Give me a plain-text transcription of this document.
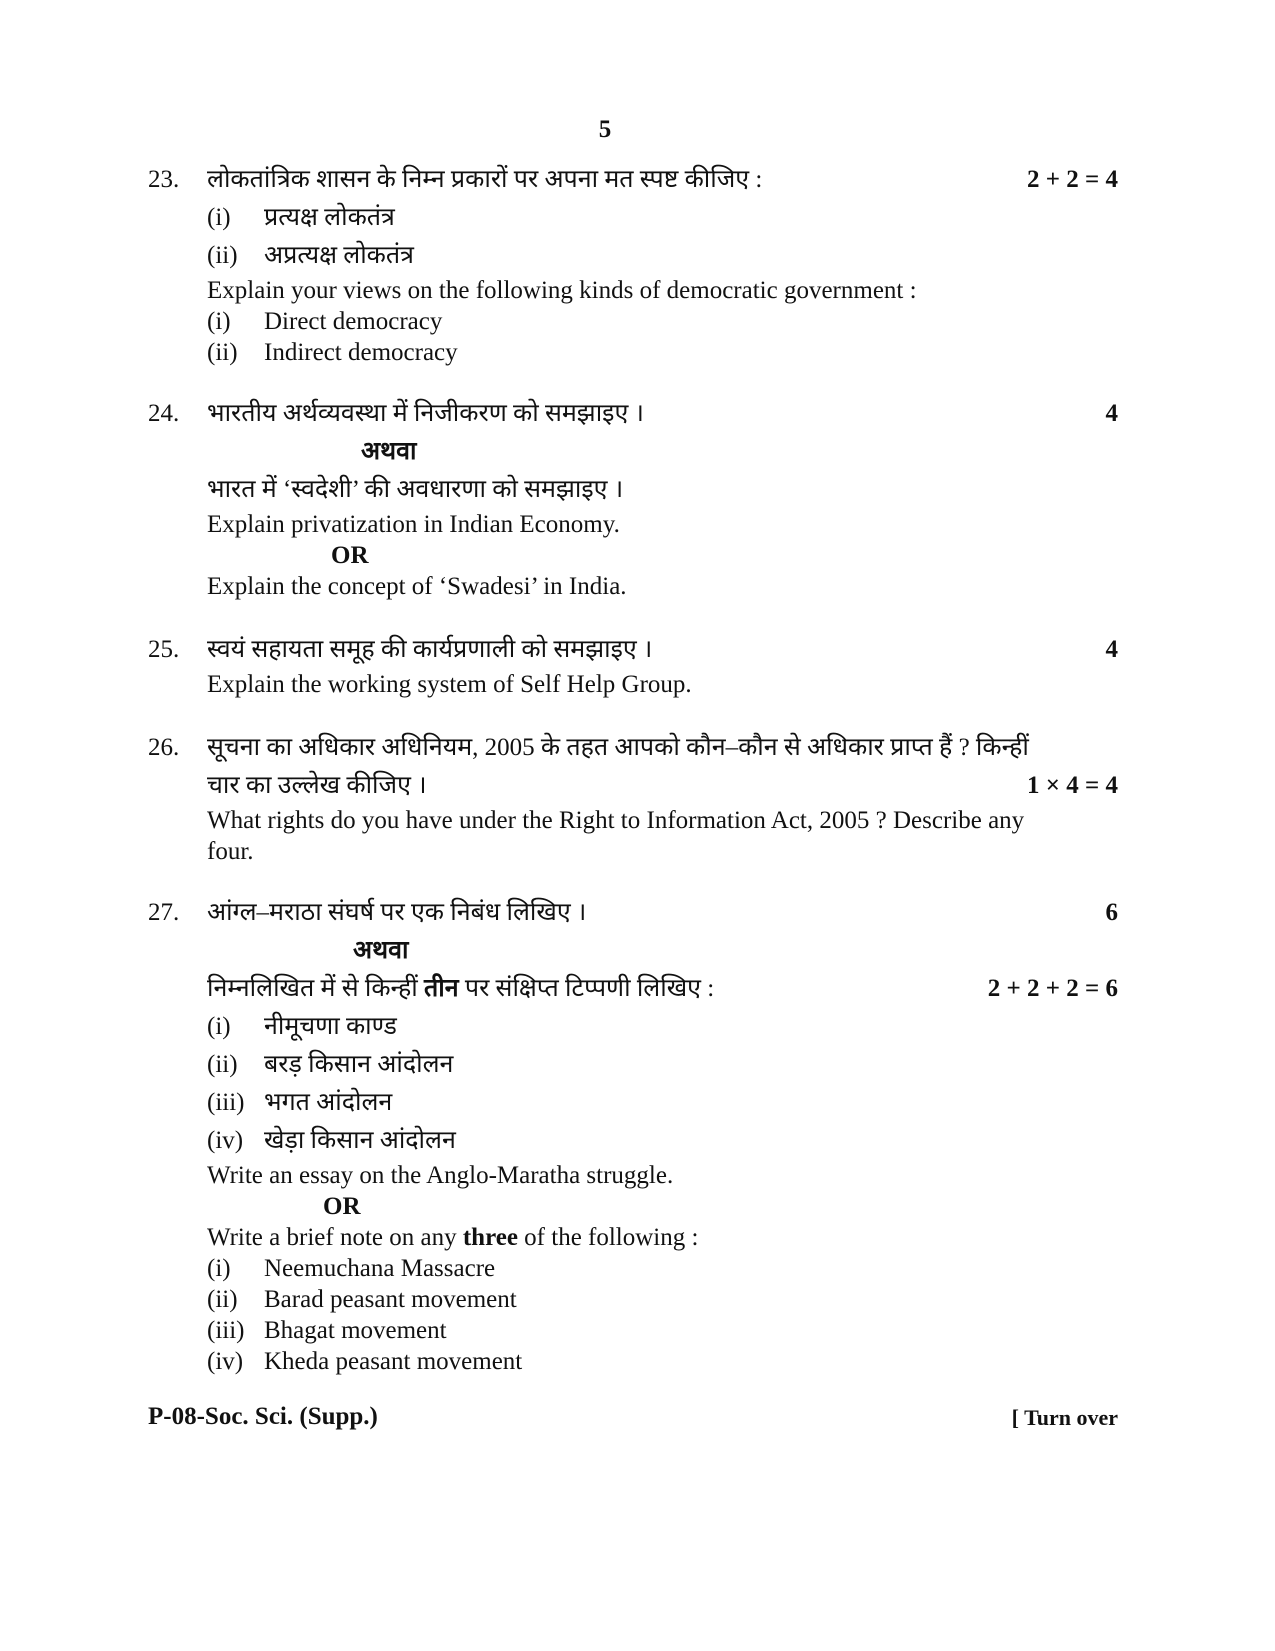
5
23.	लोकतांत्रिक शासन के निम्न प्रकारों पर अपना मत स्पष्ट कीजिए :	2 + 2 = 4
(i) प्रत्यक्ष लोकतंत्र
(ii) अप्रत्यक्ष लोकतंत्र
Explain your views on the following kinds of democratic government :
(i) Direct democracy
(ii) Indirect democracy
24.	भारतीय अर्थव्यवस्था में निजीकरण को समझाइए ।	4
अथवा
भारत में ‘स्वदेशी’ की अवधारणा को समझाइए ।
Explain privatization in Indian Economy.
OR
Explain the concept of ‘Swadesi’ in India.
25.	स्वयं सहायता समूह की कार्यप्रणाली को समझाइए ।	4
Explain the working system of Self Help Group.
26.	सूचना का अधिकार अधिनियम, 2005 के तहत आपको कौन–कौन से अधिकार प्राप्त हैं ? किन्हीं
चार का उल्लेख कीजिए ।	1 × 4 = 4
What rights do you have under the Right to Information Act, 2005 ? Describe any
four.
27.	आंग्ल–मराठा संघर्ष पर एक निबंध लिखिए ।	6
अथवा
निम्नलिखित में से किन्हीं तीन पर संक्षिप्त टिप्पणी लिखिए :	2 + 2 + 2 = 6
(i) नीमूचणा काण्ड
(ii) बरड़ किसान आंदोलन
(iii) भगत आंदोलन
(iv) खेड़ा किसान आंदोलन
Write an essay on the Anglo-Maratha struggle.
OR
Write a brief note on any three of the following :
(i) Neemuchana Massacre
(ii) Barad peasant movement
(iii) Bhagat movement
(iv) Kheda peasant movement
P-08-Soc. Sci. (Supp.)	[ Turn over
